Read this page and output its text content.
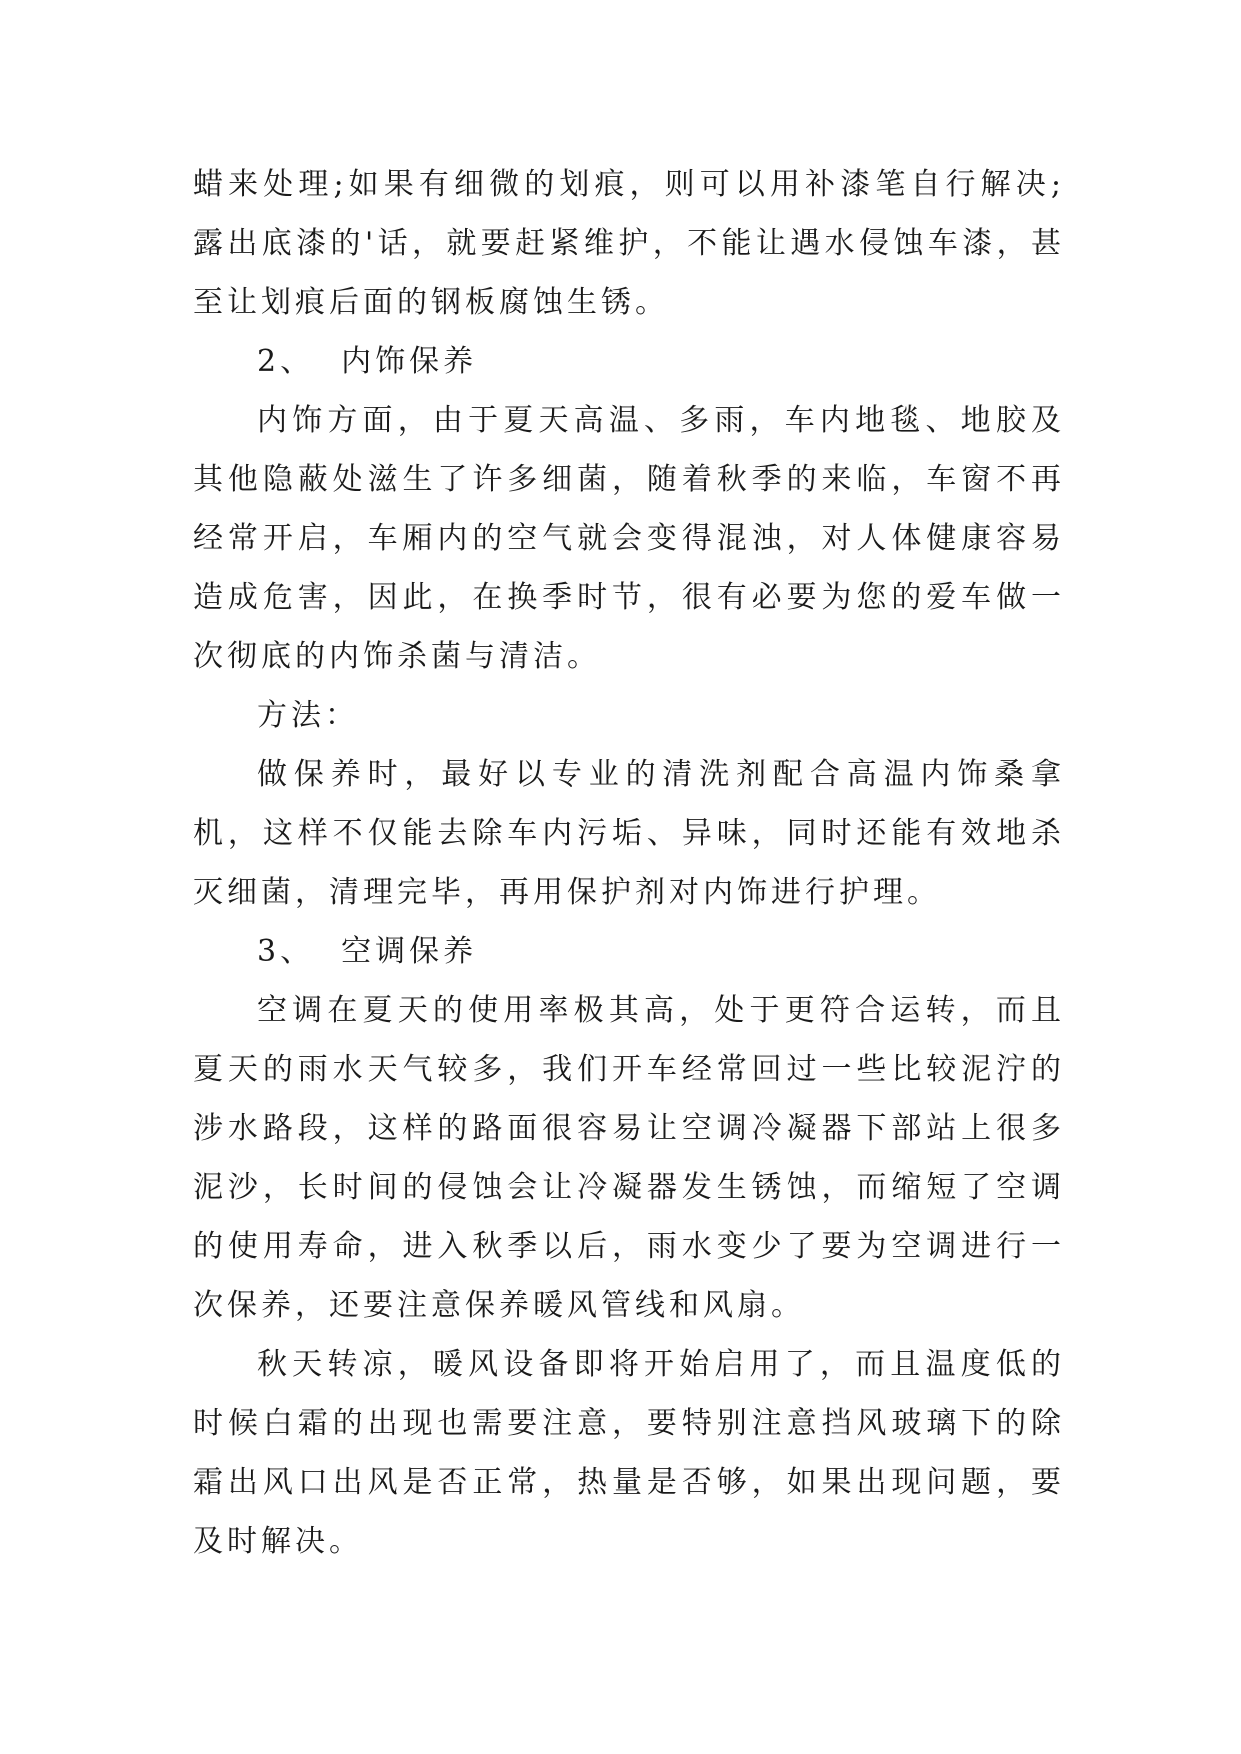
蜡来处理;如果有细微的划痕，则可以用补漆笔自行解决;露出底漆的'话，就要赶紧维护，不能让遇水侵蚀车漆，甚至让划痕后面的钢板腐蚀生锈。

2、  内饰保养

内饰方面，由于夏天高温、多雨，车内地毯、地胶及其他隐蔽处滋生了许多细菌，随着秋季的来临，车窗不再经常开启，车厢内的空气就会变得混浊，对人体健康容易造成危害，因此，在换季时节，很有必要为您的爱车做一次彻底的内饰杀菌与清洁。

方法：

做保养时，最好以专业的清洗剂配合高温内饰桑拿机，这样不仅能去除车内污垢、异味，同时还能有效地杀灭细菌，清理完毕，再用保护剂对内饰进行护理。

3、  空调保养

空调在夏天的使用率极其高，处于更符合运转，而且夏天的雨水天气较多，我们开车经常回过一些比较泥泞的涉水路段，这样的路面很容易让空调冷凝器下部站上很多泥沙，长时间的侵蚀会让冷凝器发生锈蚀，而缩短了空调的使用寿命，进入秋季以后，雨水变少了要为空调进行一次保养，还要注意保养暖风管线和风扇。

秋天转凉，暖风设备即将开始启用了，而且温度低的时候白霜的出现也需要注意，要特别注意挡风玻璃下的除霜出风口出风是否正常，热量是否够，如果出现问题，要及时解决。
